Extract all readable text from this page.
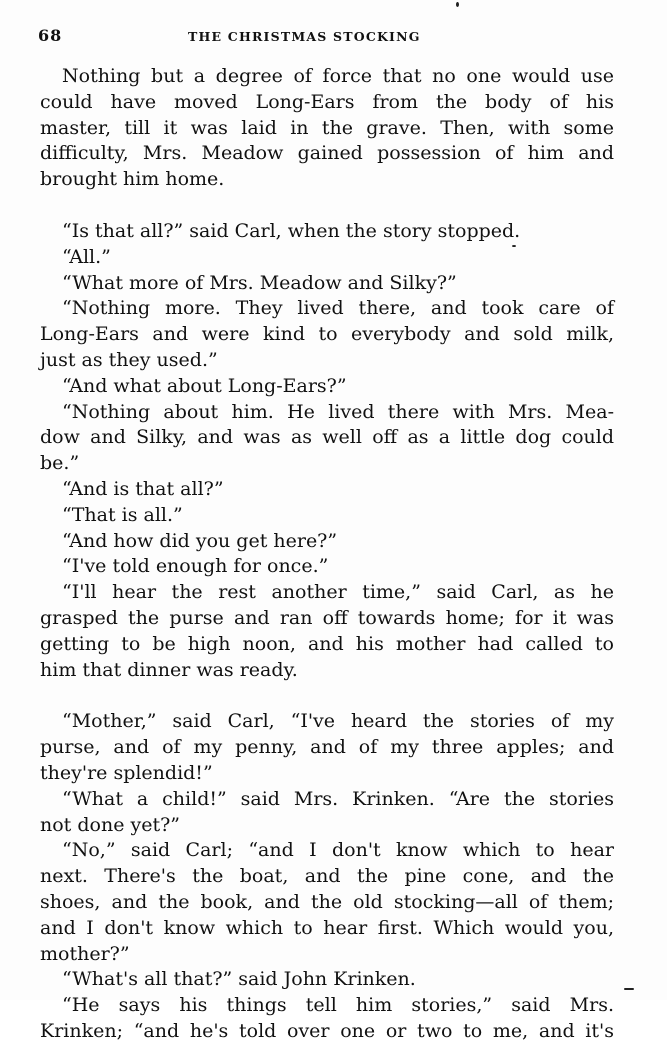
68	THE CHRISTMAS STOCKING
Nothing but a degree of force that no one would use
could have moved Long-Ears from the body of his
master, till it was laid in the grave. Then, with some
difficulty, Mrs. Meadow gained possession of him and
brought him home.
“Is that all?” said Carl, when the story stopped.
“All.”
“What more of Mrs. Meadow and Silky?”
“Nothing more. They lived there, and took care of
Long-Ears and were kind to everybody and sold milk,
just as they used.”
“And what about Long-Ears?”
“Nothing about him. He lived there with Mrs. Mea-
dow and Silky, and was as well off as a little dog could
be.”
“And is that all?”
“That is all.”
“And how did you get here?”
“I've told enough for once.”
“I'll hear the rest another time,” said Carl, as he
grasped the purse and ran off towards home; for it was
getting to be high noon, and his mother had called to
him that dinner was ready.
“Mother,” said Carl, “I've heard the stories of my
purse, and of my penny, and of my three apples; and
they're splendid!”
“What a child!” said Mrs. Krinken. “Are the stories
not done yet?”
“No,” said Carl; “and I don't know which to hear
next. There's the boat, and the pine cone, and the
shoes, and the book, and the old stocking—all of them;
and I don't know which to hear first. Which would you,
mother?”
“What's all that?” said John Krinken.
“He says his things tell him stories,” said Mrs.
Krinken; “and he's told over one or two to me, and it's
